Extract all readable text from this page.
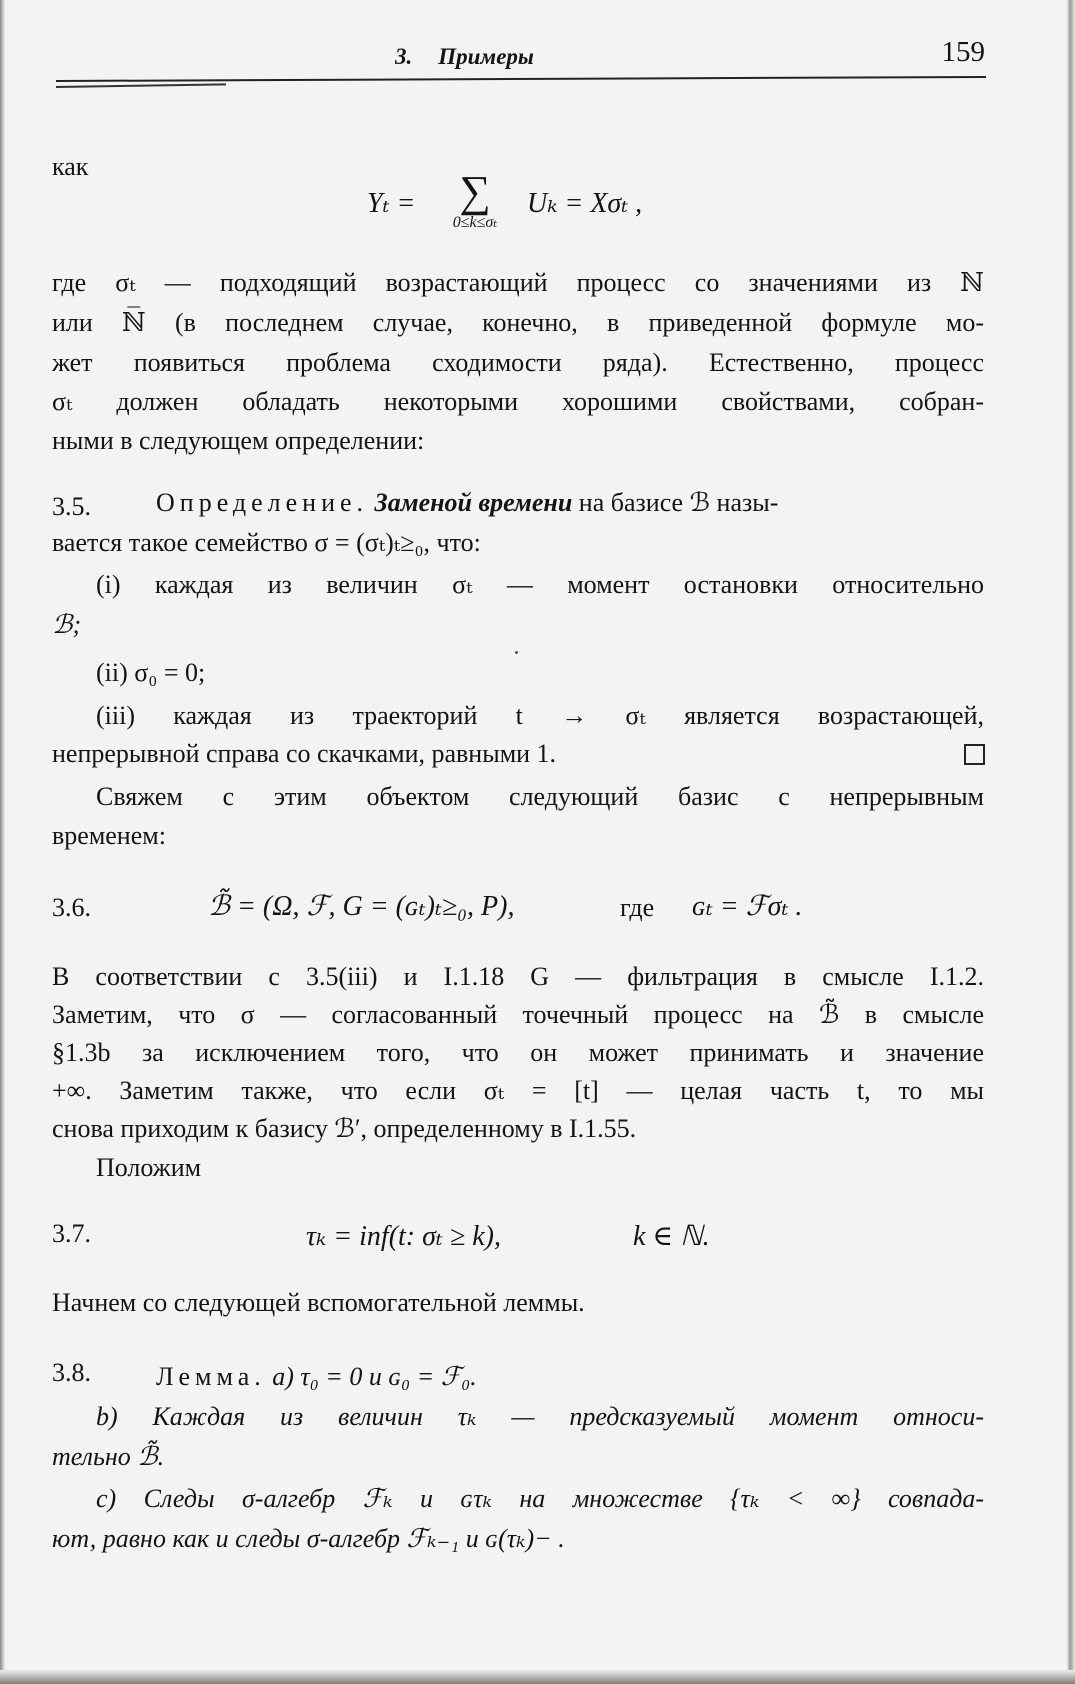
3. Примеры	159
как
Yₜ = ∑
0≤k≤σₜ
Uₖ = Xσₜ ,
где σₜ — подходящий возрастающий процесс со значениями из ℕ
или ℕ̅ (в последнем случае, конечно, в приведенной формуле мо-
жет появиться проблема сходимости ряда). Естественно, процесс
σₜ должен обладать некоторыми хорошими свойствами, собран-
ными в следующем определении:
3.5.	Определение. Заменой времени на базисе ℬ назы-
вается такое семейство σ = (σₜ)ₜ≥₀, что:
(i) каждая из величин σₜ — момент остановки относительно
ℬ;
(ii) σ₀ = 0;
(iii) каждая из траекторий t → σₜ является возрастающей,
непрерывной справа со скачками, равными 1.
Свяжем с этим объектом следующий базис с непрерывным
временем:
3.6.	ℬ̃ = (Ω, ℱ, G = (ɢₜ)ₜ≥₀, P),	где ɢₜ = ℱσₜ .
В соответствии с 3.5(iii) и I.1.18 G — фильтрация в смысле I.1.2.
Заметим, что σ — согласованный точечный процесс на ℬ̃ в смысле
§1.3b за исключением того, что он может принимать и значение
+∞. Заметим также, что если σₜ = [t] — целая часть t, то мы
снова приходим к базису ℬ′, определенному в I.1.55.
Положим
3.7.	τₖ = inf(t: σₜ ≥ k),	k ∈ ℕ.
Начнем со следующей вспомогательной леммы.
3.8.	Лемма. a) τ₀ = 0 и ɢ₀ = ℱ₀.
b) Каждая из величин τₖ — предсказуемый момент относи-
тельно ℬ̃.
c) Следы σ-алгебр ℱₖ и ɢτₖ на множестве {τₖ < ∞} совпада-
ют, равно как и следы σ-алгебр ℱₖ₋₁ и ɢ(τₖ)− .
